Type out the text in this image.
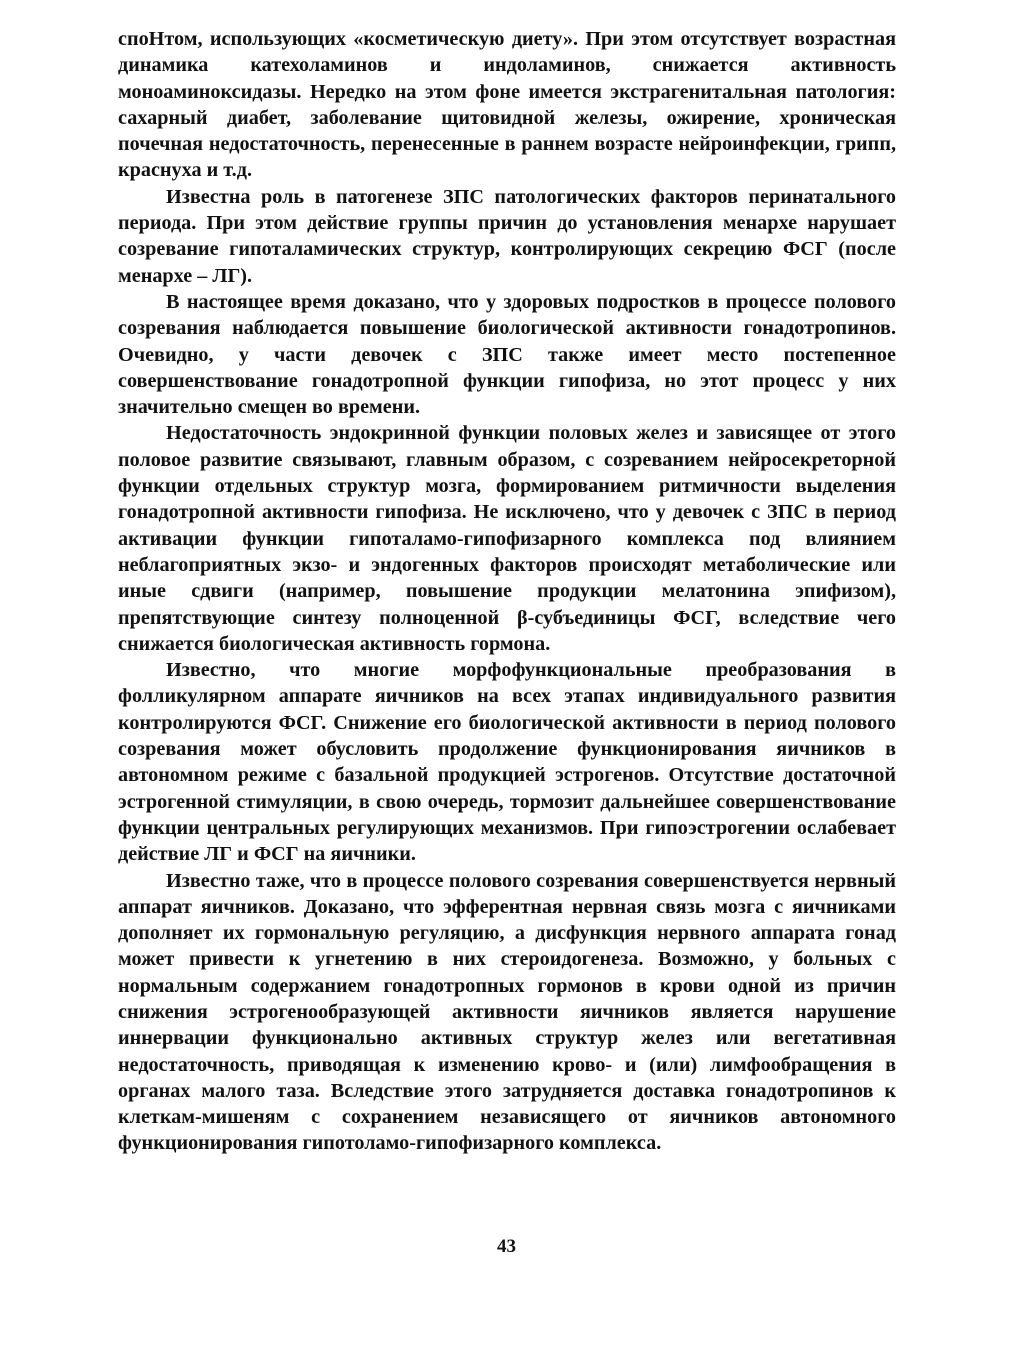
споНтом, использующих «косметическую диету». При этом отсутствует возрастная динамика катехоламинов и индоламинов, снижается активность моноаминоксидазы. Нередко на этом фоне имеется экстрагенитальная патология: сахарный диабет, заболевание щитовидной железы, ожирение, хроническая почечная недостаточность, перенесенные в раннем возрасте нейроинфекции, грипп, краснуха и т.д.

Известна роль в патогенезе ЗПС патологических факторов перинатального периода. При этом действие группы причин до установления менархе нарушает созревание гипоталамических структур, контролирующих секрецию ФСГ (после менархе – ЛГ).

В настоящее время доказано, что у здоровых подростков в процессе полового созревания наблюдается повышение биологической активности гонадотропинов. Очевидно, у части девочек с ЗПС также имеет место постепенное совершенствование гонадотропной функции гипофиза, но этот процесс у них значительно смещен во времени.

Недостаточность эндокринной функции половых желез и зависящее от этого половое развитие связывают, главным образом, с созреванием нейросекреторной функции отдельных структур мозга, формированием ритмичности выделения гонадотропной активности гипофиза. Не исключено, что у девочек с ЗПС в период активации функции гипоталамо-гипофизарного комплекса под влиянием неблагоприятных экзо- и эндогенных факторов происходят метаболические или иные сдвиги (например, повышение продукции мелатонина эпифизом), препятствующие синтезу полноценной β-субъединицы ФСГ, вследствие чего снижается биологическая активность гормона.

Известно, что многие морфофункциональные преобразования в фолликулярном аппарате яичников на всех этапах индивидуального развития контролируются ФСГ. Снижение его биологической активности в период полового созревания может обусловить продолжение функционирования яичников в автономном режиме с базальной продукцией эстрогенов. Отсутствие достаточной эстрогенной стимуляции, в свою очередь, тормозит дальнейшее совершенствование функции центральных регулирующих механизмов. При гипоэстрогении ослабевает действие ЛГ и ФСГ на яичники.

Известно таже, что в процессе полового созревания совершенствуется нервный аппарат яичников. Доказано, что эфферентная нервная связь мозга с яичниками дополняет их гормональную регуляцию, а дисфункция нервного аппарата гонад может привести к угнетению в них стероидогенеза. Возможно, у больных с нормальным содержанием гонадотропных гормонов в крови одной из причин снижения эстрогенообразующей активности яичников является нарушение иннервации функционально активных структур желез или вегетативная недостаточность, приводящая к изменению крово- и (или) лимфообращения в органах малого таза. Вследствие этого затрудняется доставка гонадотропинов к клеткам-мишеням с сохранением независящего от яичников автономного функционирования гипотоламо-гипофизарного комплекса.

43
